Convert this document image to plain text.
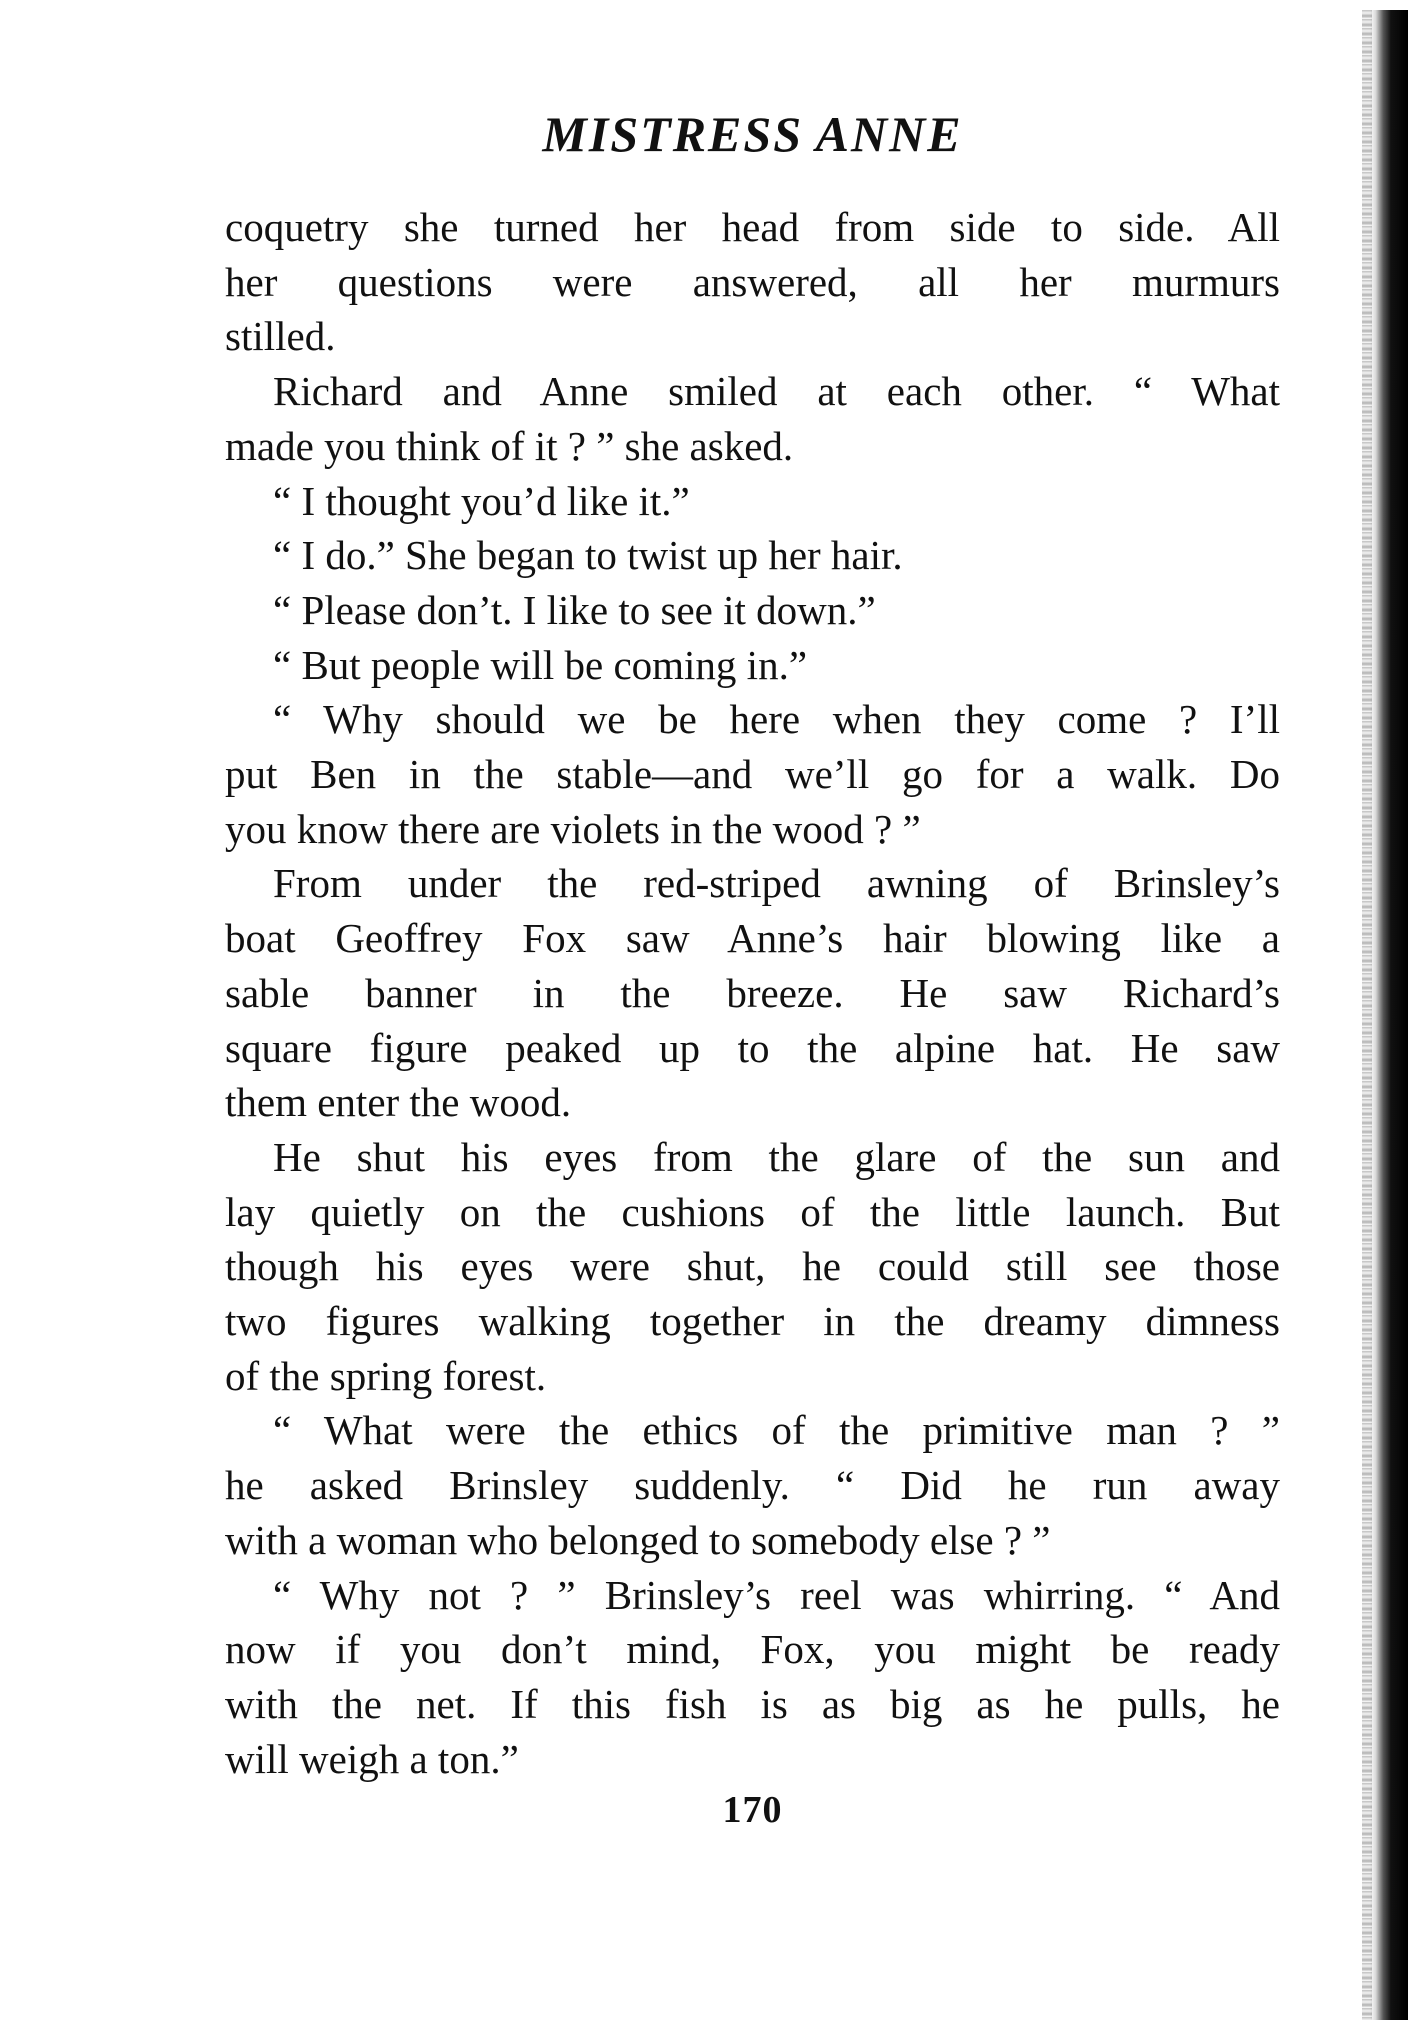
MISTRESS ANNE
coquetry she turned her head from side to side. All
her questions were answered, all her murmurs
stilled.
Richard and Anne smiled at each other. “ What
made you think of it ? ” she asked.
“ I thought you’d like it.”
“ I do.” She began to twist up her hair.
“ Please don’t. I like to see it down.”
“ But people will be coming in.”
“ Why should we be here when they come ? I’ll
put Ben in the stable—and we’ll go for a walk. Do
you know there are violets in the wood ? ”
From under the red-striped awning of Brinsley’s
boat Geoffrey Fox saw Anne’s hair blowing like a
sable banner in the breeze. He saw Richard’s
square figure peaked up to the alpine hat. He saw
them enter the wood.
He shut his eyes from the glare of the sun and
lay quietly on the cushions of the little launch. But
though his eyes were shut, he could still see those
two figures walking together in the dreamy dimness
of the spring forest.
“ What were the ethics of the primitive man ? ”
he asked Brinsley suddenly. “ Did he run away
with a woman who belonged to somebody else ? ”
“ Why not ? ” Brinsley’s reel was whirring. “ And
now if you don’t mind, Fox, you might be ready
with the net. If this fish is as big as he pulls, he
will weigh a ton.”
170
